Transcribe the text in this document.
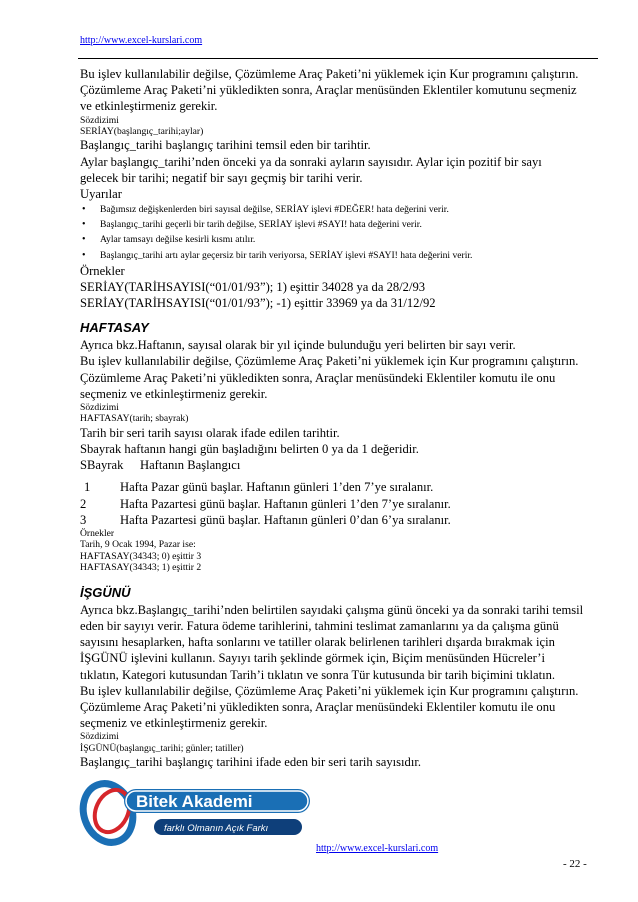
http://www.excel-kurslari.com

Bu işlev kullanılabilir değilse, Çözümleme Araç Paketi’ni yüklemek için Kur programını çalıştırın.

Çözümleme Araç Paketi’ni yükledikten sonra, Araçlar menüsünden Eklentiler komutunu seçmeniz

ve etkinleştirmeniz gerekir.

Sözdizimi

SERİAY(başlangıç_tarihi;aylar)

Başlangıç_tarihi başlangıç tarihini temsil eden bir tarihtir.

Aylar başlangıç_tarihi’nden önceki ya da sonraki ayların sayısıdır. Aylar için pozitif bir sayı

gelecek bir tarihi; negatif bir sayı geçmiş bir tarihi verir.

Uyarılar

• Bağımsız değişkenlerden biri sayısal değilse, SERİAY işlevi #DEĞER! hata değerini verir.
• Başlangıç_tarihi geçerli bir tarih değilse, SERİAY işlevi #SAYI! hata değerini verir.
• Aylar tamsayı değilse kesirli kısmı atılır.
• Başlangıç_tarihi artı aylar geçersiz bir tarih veriyorsa, SERİAY işlevi #SAYI! hata değerini verir.

Örnekler

SERİAY(TARİHSAYISI(“01/01/93”); 1) eşittir 34028 ya da 28/2/93

SERİAY(TARİHSAYISI(“01/01/93”); -1) eşittir 33969 ya da 31/12/92

HAFTASAY

Ayrıca bkz.Haftanın, sayısal olarak bir yıl içinde bulunduğu yeri belirten bir sayı verir.

Bu işlev kullanılabilir değilse, Çözümleme Araç Paketi’ni yüklemek için Kur programını çalıştırın.

Çözümleme Araç Paketi’ni yükledikten sonra, Araçlar menüsündeki Eklentiler komutu ile onu

seçmeniz ve etkinleştirmeniz gerekir.

Sözdizimi

HAFTASAY(tarih; sbayrak)

Tarih bir seri tarih sayısı olarak ifade edilen tarihtir.

Sbayrak haftanın hangi gün başladığını belirten 0 ya da 1 değeridir.

SBayrak	Haftanın Başlangıcı
1	Hafta Pazar günü başlar. Haftanın günleri 1’den 7’ye sıralanır.
2	Hafta Pazartesi günü başlar. Haftanın günleri 1’den 7’ye sıralanır.
3	Hafta Pazartesi günü başlar. Haftanın günleri 0’dan 6’ya sıralanır.

Örnekler

Tarih, 9 Ocak 1994, Pazar ise:

HAFTASAY(34343; 0) eşittir 3

HAFTASAY(34343; 1) eşittir 2

İŞGÜNÜ

Ayrıca bkz.Başlangıç_tarihi’nden belirtilen sayıdaki çalışma günü önceki ya da sonraki tarihi temsil

eden bir sayıyı verir. Fatura ödeme tarihlerini, tahmini teslimat zamanlarını ya da çalışma günü

sayısını hesaplarken, hafta sonlarını ve tatiller olarak belirlenen tarihleri dışarda bırakmak için

İŞGÜNÜ işlevini kullanın. Sayıyı tarih şeklinde görmek için, Biçim menüsünden Hücreler’i

tıklatın, Kategori kutusundan Tarih’i tıklatın ve sonra Tür kutusunda bir tarih biçimini tıklatın.

Bu işlev kullanılabilir değilse, Çözümleme Araç Paketi’ni yüklemek için Kur programını çalıştırın.

Çözümleme Araç Paketi’ni yükledikten sonra, Araçlar menüsündeki Eklentiler komutu ile onu

seçmeniz ve etkinleştirmeniz gerekir.

Sözdizimi

İŞGÜNÜ(başlangıç_tarihi; günler; tatiller)

Başlangıç_tarihi başlangıç tarihini ifade eden bir seri tarih sayısıdır.

Bitek Akademi
farklı Olmanın Açık Farkı
http://www.excel-kurslari.com
- 22 -
